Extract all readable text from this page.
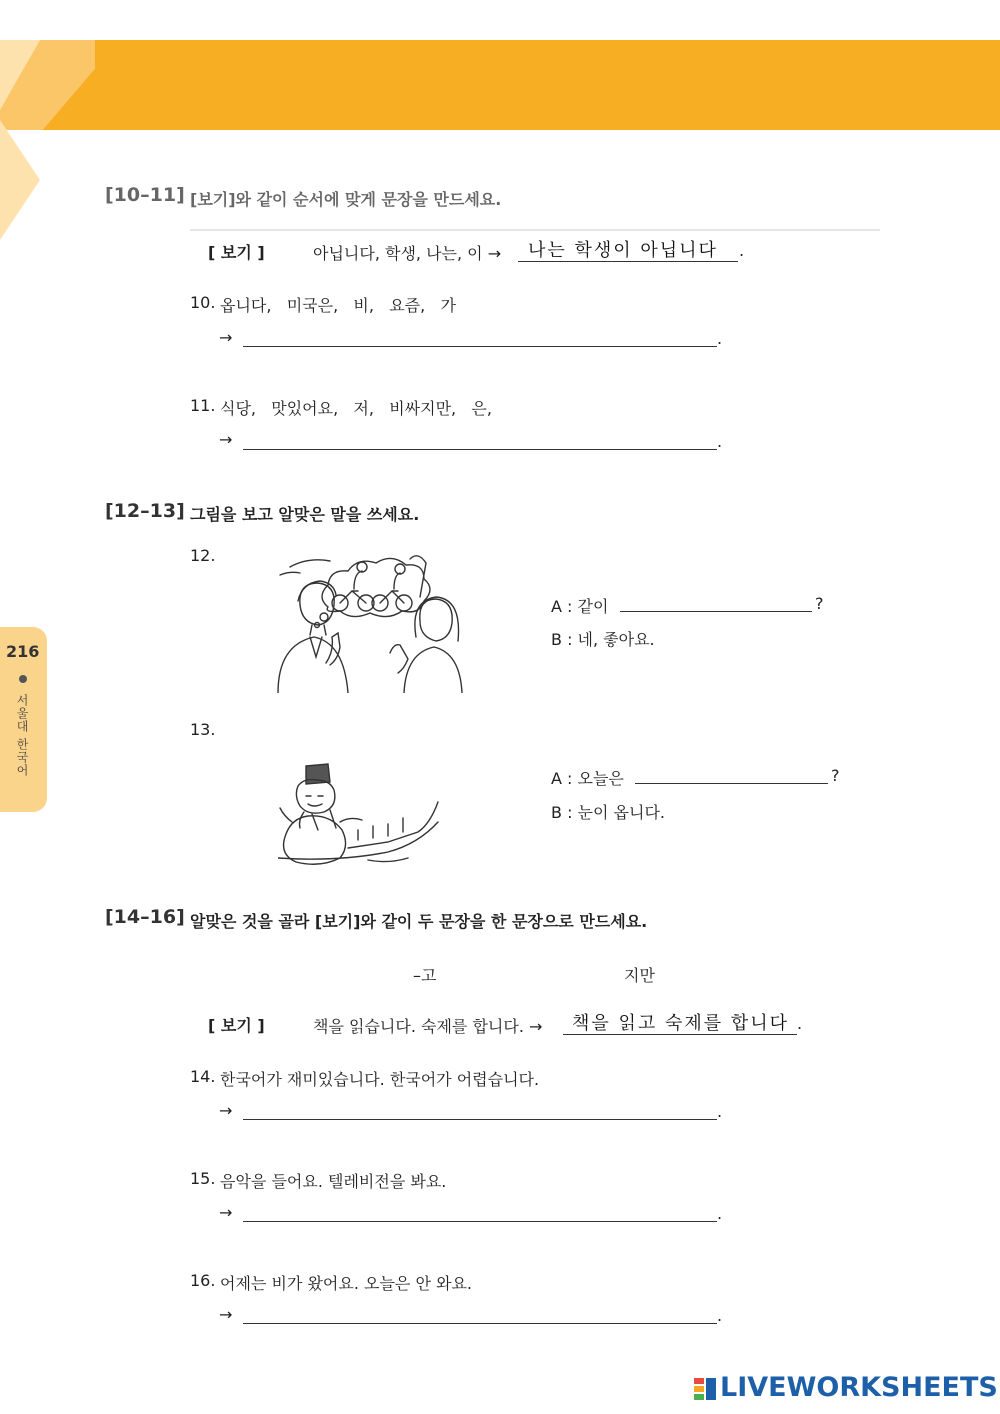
216
서울대 한국어
[10–11] [보기]와 같이 순서에 맞게 문장을 만드세요.
[ 보기 ]	아닙니다, 학생, 나는, 이 → 나는 학생이 아닙니다 .
10. 옵니다,   미국은,   비,   요즘,   가
→	.
11. 식당,   맛있어요,   저,   비싸지만,   은,
→	.
[12–13] 그림을 보고 알맞은 말을 쓰세요.
12.
A : 같이	?
B : 네, 좋아요.
13.
A : 오늘은	?
B : 눈이 옵니다.
[14–16] 알맞은 것을 골라 [보기]와 같이 두 문장을 한 문장으로 만드세요.
–고	지만
[ 보기 ]	책을 읽습니다. 숙제를 합니다. → 책을 읽고 숙제를 합니다 .
14. 한국어가 재미있습니다. 한국어가 어렵습니다.
→	.
15. 음악을 들어요. 텔레비전을 봐요.
→	.
16. 어제는 비가 왔어요. 오늘은 안 와요.
→	.
LIVEWORKSHEETS
